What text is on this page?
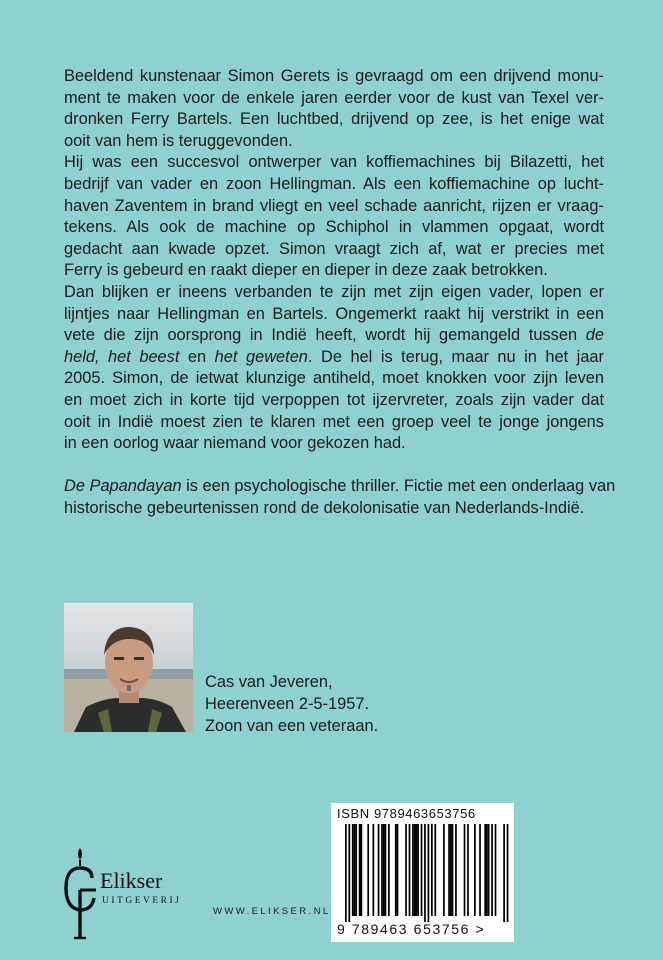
Beeldend kunstenaar Simon Gerets is gevraagd om een drijvend monu-
ment te maken voor de enkele jaren eerder voor de kust van Texel ver-
dronken Ferry Bartels. Een luchtbed, drijvend op zee, is het enige wat
ooit van hem is teruggevonden.

Hij was een succesvol ontwerper van koffiemachines bij Bilazetti, het
bedrijf van vader en zoon Hellingman. Als een koffiemachine op lucht-
haven Zaventem in brand vliegt en veel schade aanricht, rijzen er vraag-
tekens. Als ook de machine op Schiphol in vlammen opgaat, wordt
gedacht aan kwade opzet. Simon vraagt zich af, wat er precies met
Ferry is gebeurd en raakt dieper en dieper in deze zaak betrokken.

Dan blijken er ineens verbanden te zijn met zijn eigen vader, lopen er
lijntjes naar Hellingman en Bartels. Ongemerkt raakt hij verstrikt in een
vete die zijn oorsprong in Indië heeft, wordt hij gemangeld tussen de
held, het beest en het geweten. De hel is terug, maar nu in het jaar
2005. Simon, de ietwat klunzige antiheld, moet knokken voor zijn leven
en moet zich in korte tijd verpoppen tot ijzervreter, zoals zijn vader dat
ooit in Indië moest zien te klaren met een groep veel te jonge jongens
in een oorlog waar niemand voor gekozen had.

De Papandayan is een psychologische thriller. Fictie met een onderlaag van
historische gebeurtenissen rond de dekolonisatie van Nederlands-Indië.

Cas van Jeveren,
Heerenveen 2-5-1957.
Zoon van een veteraan.
Elikser
UITGEVERIJ
WWW.ELIKSER.NL
ISBN 9789463653756
9 789463 653756 >
